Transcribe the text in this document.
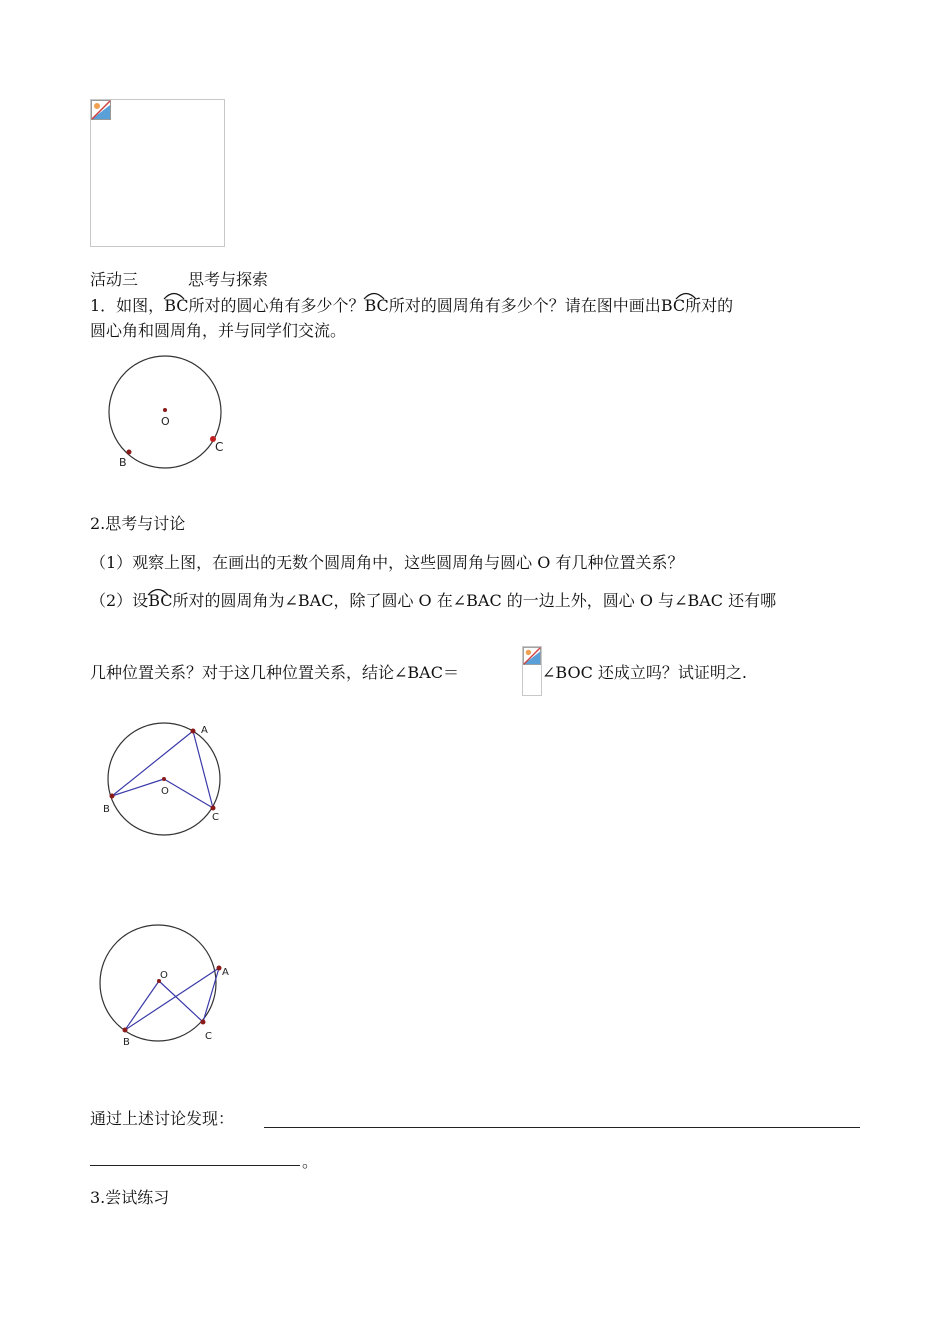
活动三	思考与探索
1．如图，BC所对的圆心角有多少个？BC所对的圆周角有多少个？请在图中画出BC所对的
圆心角和圆周角，并与同学们交流。
O
B
C
2.思考与讨论
（1）观察上图，在画出的无数个圆周角中，这些圆周角与圆心 O 有几种位置关系？
（2）设BC所对的圆周角为∠BAC，除了圆心 O 在∠BAC 的一边上外，圆心 O 与∠BAC 还有哪
几种位置关系？对于这几种位置关系，结论∠BAC＝	∠BOC 还成立吗？试证明之.
A
B
C
O
A
B
C
O
通过上述讨论发现：
。
3.尝试练习
